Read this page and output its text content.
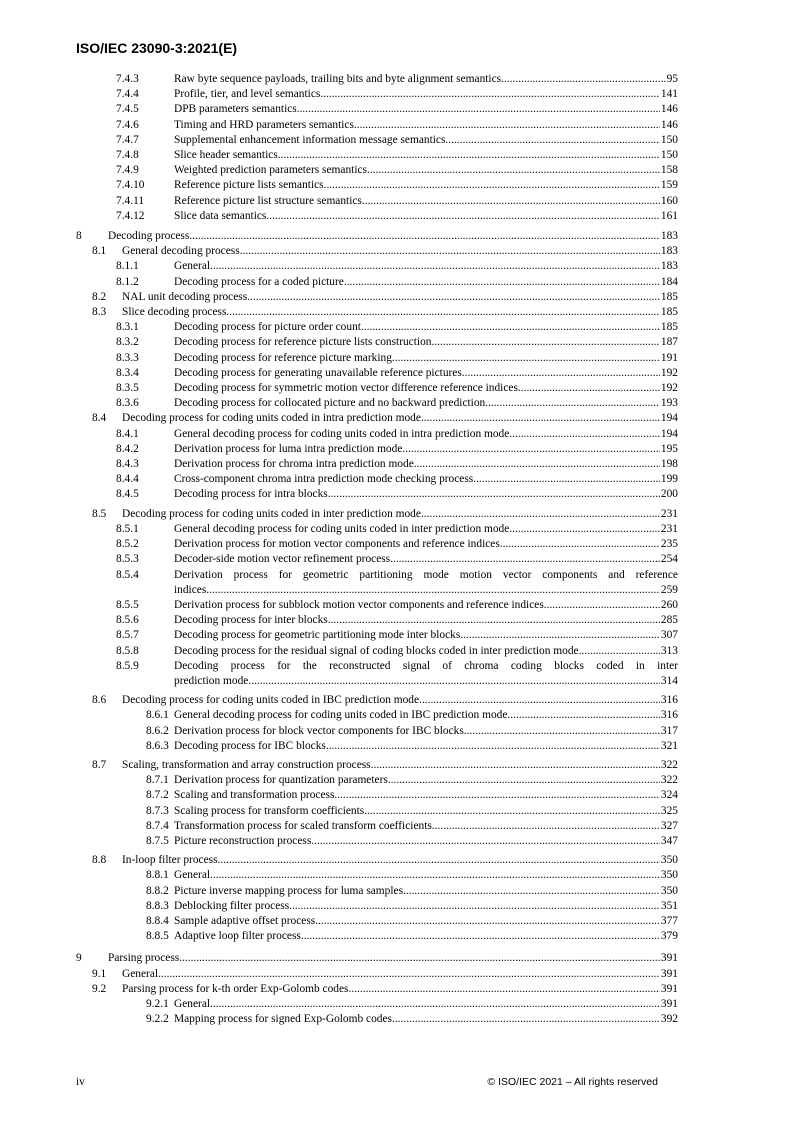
ISO/IEC 23090-3:2021(E)
7.4.3	Raw byte sequence payloads, trailing bits and byte alignment semantics .....	95
7.4.4	Profile, tier, and level semantics .....	141
7.4.5	DPB parameters semantics .....	146
7.4.6	Timing and HRD parameters semantics .....	146
7.4.7	Supplemental enhancement information message semantics .....	150
7.4.8	Slice header semantics .....	150
7.4.9	Weighted prediction parameters semantics .....	158
7.4.10	Reference picture lists semantics .....	159
7.4.11	Reference picture list structure semantics .....	160
7.4.12	Slice data semantics .....	161
8	Decoding process .....	183
8.1	General decoding process .....	183
8.1.1	General .....	183
8.1.2	Decoding process for a coded picture .....	184
8.2	NAL unit decoding process .....	185
8.3	Slice decoding process .....	185
8.3.1	Decoding process for picture order count .....	185
8.3.2	Decoding process for reference picture lists construction .....	187
8.3.3	Decoding process for reference picture marking .....	191
8.3.4	Decoding process for generating unavailable reference pictures .....	192
8.3.5	Decoding process for symmetric motion vector difference reference indices .....	192
8.3.6	Decoding process for collocated picture and no backward prediction .....	193
8.4	Decoding process for coding units coded in intra prediction mode .....	194
8.4.1	General decoding process for coding units coded in intra prediction mode .....	194
8.4.2	Derivation process for luma intra prediction mode .....	195
8.4.3	Derivation process for chroma intra prediction mode .....	198
8.4.4	Cross-component chroma intra prediction mode checking process .....	199
8.4.5	Decoding process for intra blocks .....	200
8.5	Decoding process for coding units coded in inter prediction mode .....	231
8.5.1	General decoding process for coding units coded in inter prediction mode .....	231
8.5.2	Derivation process for motion vector components and reference indices .....	235
8.5.3	Decoder-side motion vector refinement process .....	254
8.5.4	Derivation process for geometric partitioning mode motion vector components and reference
indices .....	259
8.5.5	Derivation process for subblock motion vector components and reference indices .....	260
8.5.6	Decoding process for inter blocks .....	285
8.5.7	Decoding process for geometric partitioning mode inter blocks .....	307
8.5.8	Decoding process for the residual signal of coding blocks coded in inter prediction mode .....	313
8.5.9	Decoding process for the reconstructed signal of chroma coding blocks coded in inter
prediction mode .....	314
8.6	Decoding process for coding units coded in IBC prediction mode .....	316
8.6.1 General decoding process for coding units coded in IBC prediction mode .....	316
8.6.2 Derivation process for block vector components for IBC blocks .....	317
8.6.3 Decoding process for IBC blocks .....	321
8.7	Scaling, transformation and array construction process .....	322
8.7.1 Derivation process for quantization parameters .....	322
8.7.2 Scaling and transformation process .....	324
8.7.3 Scaling process for transform coefficients .....	325
8.7.4 Transformation process for scaled transform coefficients .....	327
8.7.5 Picture reconstruction process .....	347
8.8	In-loop filter process .....	350
8.8.1 General .....	350
8.8.2 Picture inverse mapping process for luma samples .....	350
8.8.3 Deblocking filter process .....	351
8.8.4 Sample adaptive offset process .....	377
8.8.5 Adaptive loop filter process .....	379
9	Parsing process .....	391
9.1	General .....	391
9.2	Parsing process for k-th order Exp-Golomb codes .....	391
9.2.1 General .....	391
9.2.2 Mapping process for signed Exp-Golomb codes .....	392
iv	© ISO/IEC 2021 – All rights reserved
